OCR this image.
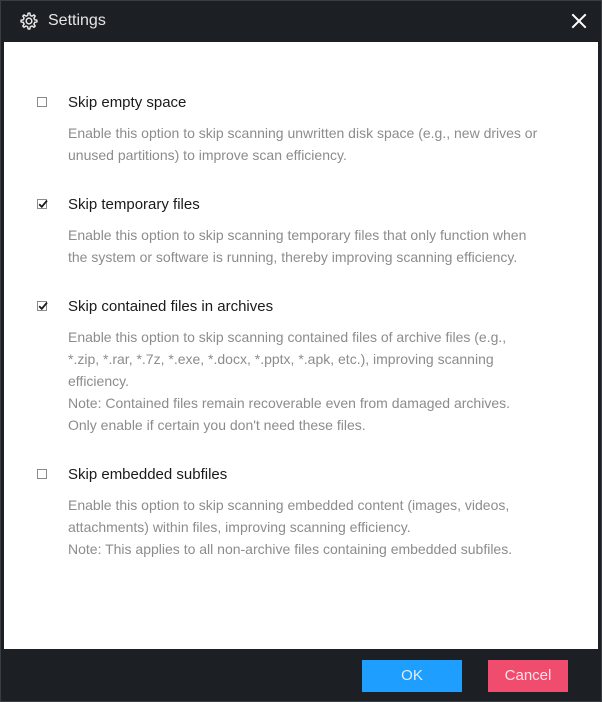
Settings
Skip empty space
Enable this option to skip scanning unwritten disk space (e.g., new drives or
unused partitions) to improve scan efficiency.
Skip temporary files
Enable this option to skip scanning temporary files that only function when
the system or software is running, thereby improving scanning efficiency.
Skip contained files in archives
Enable this option to skip scanning contained files of archive files (e.g.,
*.zip, *.rar, *.7z, *.exe, *.docx, *.pptx, *.apk, etc.), improving scanning
efficiency.
Note: Contained files remain recoverable even from damaged archives.
Only enable if certain you don't need these files.
Skip embedded subfiles
Enable this option to skip scanning embedded content (images, videos,
attachments) within files, improving scanning efficiency.
Note: This applies to all non-archive files containing embedded subfiles.
OK	Cancel
